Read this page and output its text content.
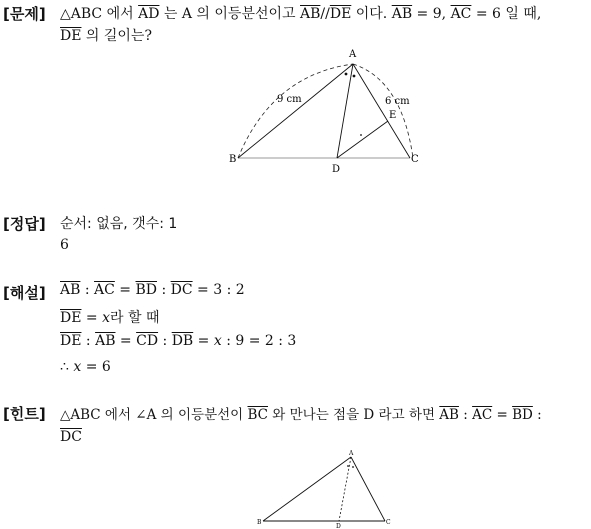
[문제] △ABC 에서 $\overline{AD}$ 는 A 의 이등분선이고 $\overline{AB}//\overline{DE}$ 이다. $\overline{AB} = 9$, $\overline{AC} = 6$ 일 때,
$\overline{DE}$ 의 길이는?
A
B	C
D
E
9 cm	6 cm
[정답] 순서: 없음, 갯수: 1
6
[해설] $\overline{AB}$ : $\overline{AC} = \overline{BD}$ : $\overline{DC} = 3$ : 2
$\overline{DE} = x$라 할 때
$\overline{DE}$ : $\overline{AB} = \overline{CD}$ : $\overline{DB} = x$ : 9 = 2 : 3
∴ x = 6
[힌트] △ABC 에서 ∠A 의 이등분선이 $\overline{BC}$ 와 만나는 점을 D 라고 하면 $\overline{AB}$ : $\overline{AC} = \overline{BD}$ :
$\overline{DC}$
A
B	C
D
